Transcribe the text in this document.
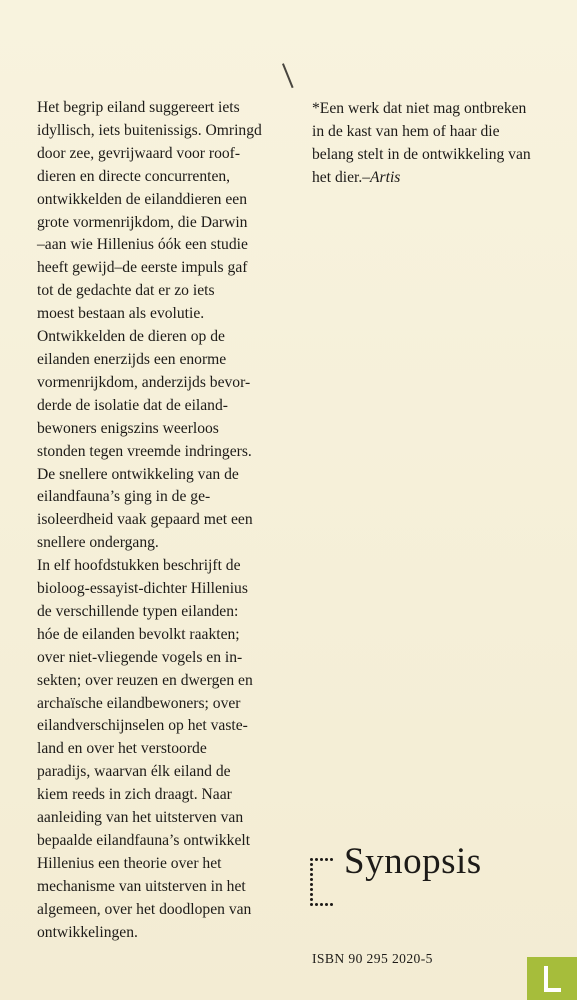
Het begrip eiland suggereert iets
idyllisch, iets buitenissigs. Omringd
door zee, gevrijwaard voor roof-
dieren en directe concurrenten,
ontwikkelden de eilanddieren een
grote vormenrijkdom, die Darwin
–aan wie Hillenius óók een studie
heeft gewijd–de eerste impuls gaf
tot de gedachte dat er zo iets
moest bestaan als evolutie.
Ontwikkelden de dieren op de
eilanden enerzijds een enorme
vormenrijkdom, anderzijds bevor-
derde de isolatie dat de eiland-
bewoners enigszins weerloos
stonden tegen vreemde indringers.
De snellere ontwikkeling van de
eilandfauna’s ging in de ge-
isoleerdheid vaak gepaard met een
snellere ondergang.
In elf hoofdstukken beschrijft de
bioloog-essayist-dichter Hillenius
de verschillende typen eilanden:
hóe de eilanden bevolkt raakten;
over niet-vliegende vogels en in-
sekten; over reuzen en dwergen en
archaïsche eilandbewoners; over
eilandverschijnselen op het vaste-
land en over het verstoorde
paradijs, waarvan élk eiland de
kiem reeds in zich draagt. Naar
aanleiding van het uitsterven van
bepaalde eilandfauna’s ontwikkelt
Hillenius een theorie over het
mechanisme van uitsterven in het
algemeen, over het doodlopen van
ontwikkelingen.
*Een werk dat niet mag ontbreken
in de kast van hem of haar die
belang stelt in de ontwikkeling van
het dier.–Artis
Synopsis
ISBN 90 295 2020-5
